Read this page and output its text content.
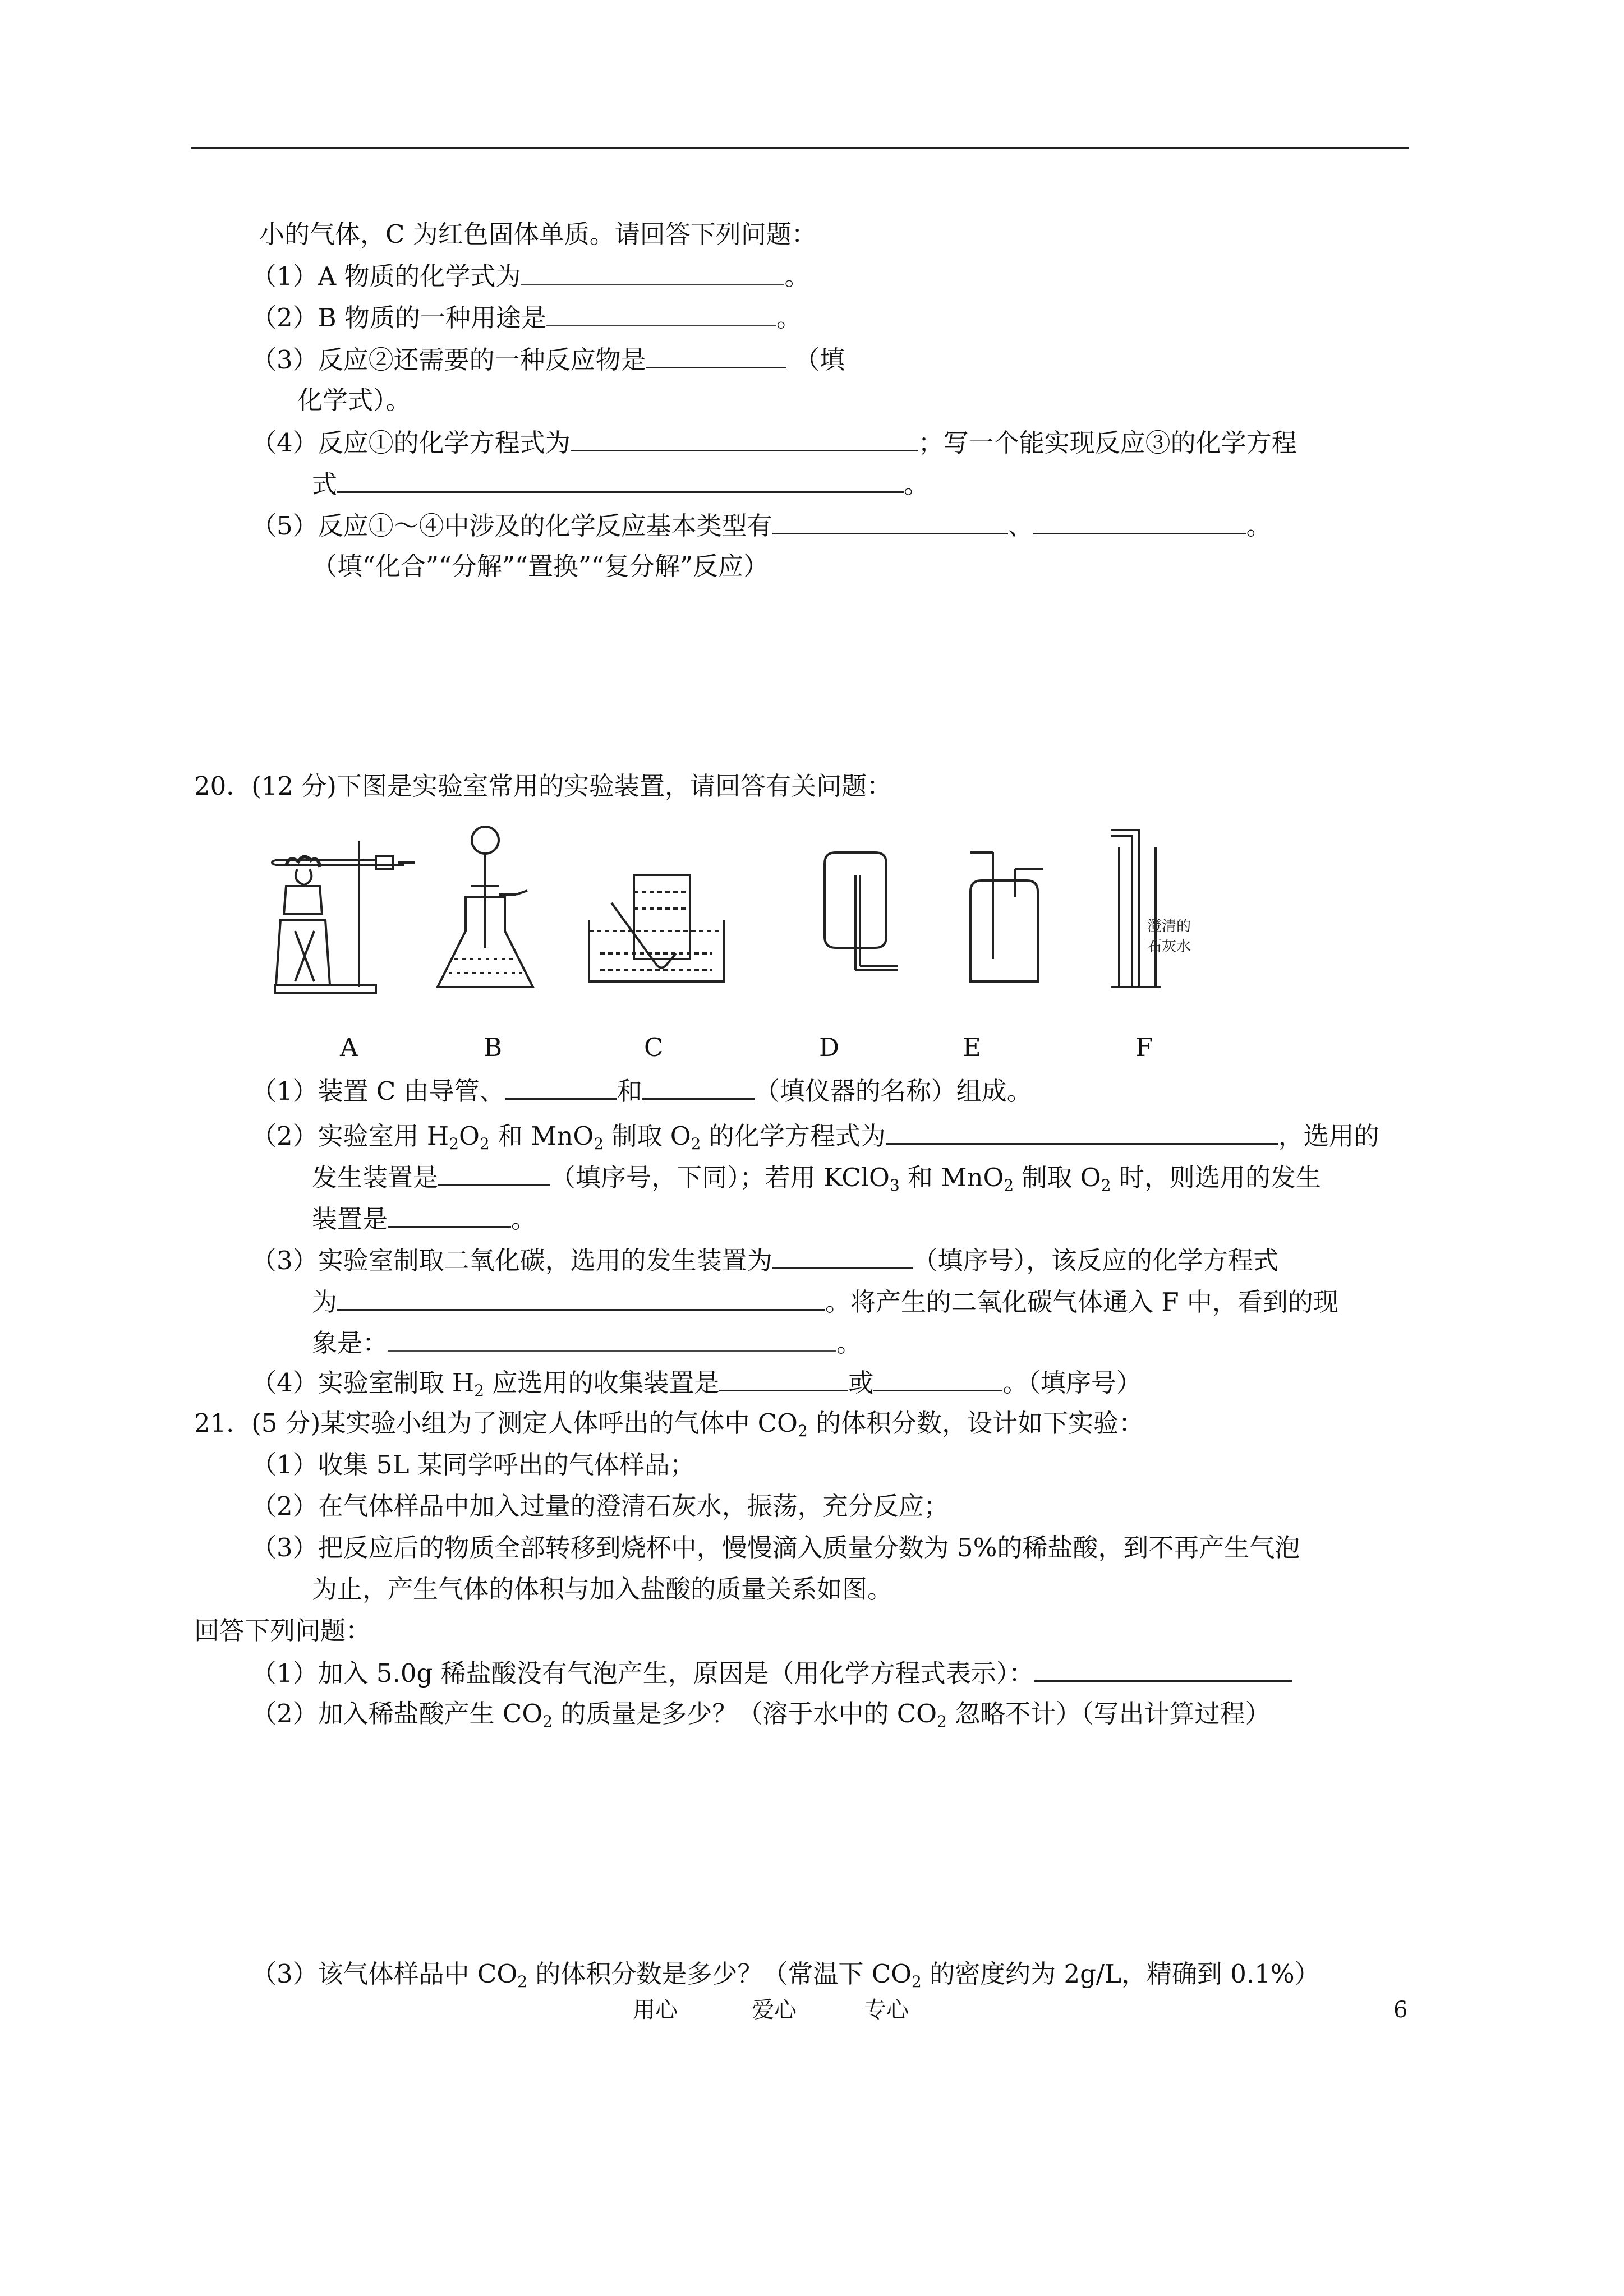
小的气体，C 为红色固体单质。请回答下列问题：
（1）A 物质的化学式为	。
（2）B 物质的一种用途是	。
（3）反应②还需要的一种反应物是	（填
化学式）。
（4）反应①的化学方程式为	；写一个能实现反应③的化学方程
式	。
（5）反应①～④中涉及的化学反应基本类型有	、	。
（填“化合”“分解”“置换”“复分解”反应）
20．(12 分)下图是实验室常用的实验装置，请回答有关问题：
澄清的
石灰水
A	B	C	D	E	F
（1）装置 C 由导管、	和	（填仪器的名称）组成。
（2）实验室用 $H_2O_2$ 和 MnO$_2$ 制取 $O_2$ 的化学方程式为	，选用的
发生装置是	（填序号，下同）；若用 KClO$_3$ 和 MnO$_2$ 制取 $O_2$ 时，则选用的发生
装置是	。
（3）实验室制取二氧化碳，选用的发生装置为	（填序号），该反应的化学方程式
为	。将产生的二氧化碳气体通入 F 中，看到的现
象是：	。
（4）实验室制取 $H_2$ 应选用的收集装置是	或	。（填序号）
21．(5 分)某实验小组为了测定人体呼出的气体中 $CO_2$ 的体积分数，设计如下实验：
（1）收集 5L 某同学呼出的气体样品；
（2）在气体样品中加入过量的澄清石灰水，振荡，充分反应；
（3）把反应后的物质全部转移到烧杯中，慢慢滴入质量分数为 5%的稀盐酸，到不再产生气泡
为止，产生气体的体积与加入盐酸的质量关系如图。
回答下列问题：
（1）加入 5.0g 稀盐酸没有气泡产生，原因是（用化学方程式表示）：
（2）加入稀盐酸产生 $CO_2$ 的质量是多少？（溶于水中的 $CO_2$ 忽略不计）（写出计算过程）
（3）该气体样品中 $CO_2$ 的体积分数是多少？（常温下 $CO_2$ 的密度约为 2g/L，精确到 0.1%）
用心	爱心	专心	6
